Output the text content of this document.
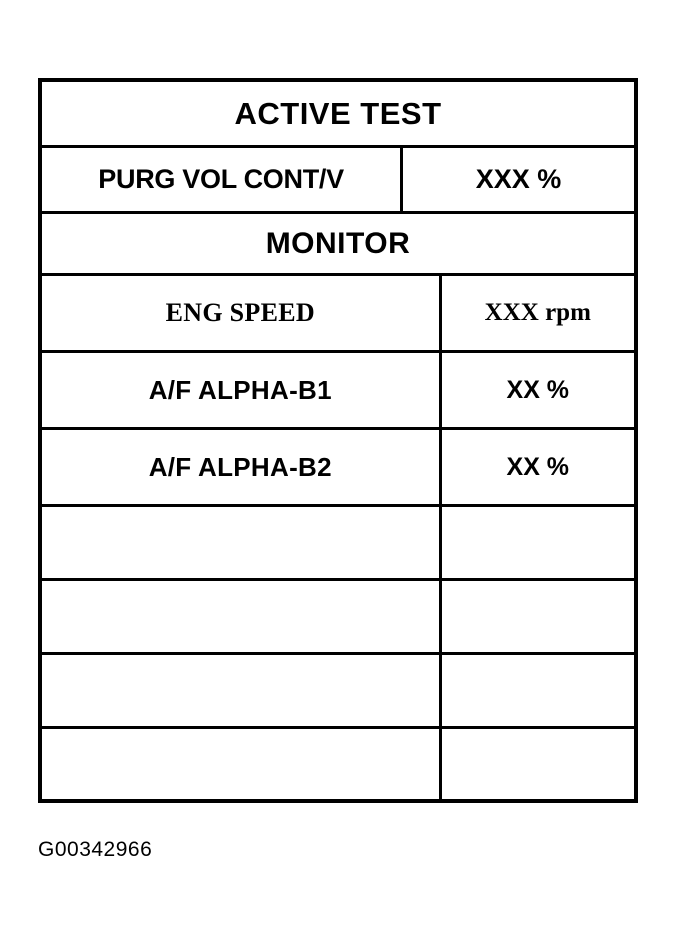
ACTIVE TEST
PURG VOL CONT/V	XXX %
MONITOR
ENG SPEED	XXX rpm
A/F ALPHA-B1	XX %
A/F ALPHA-B2	XX %
G00342966
